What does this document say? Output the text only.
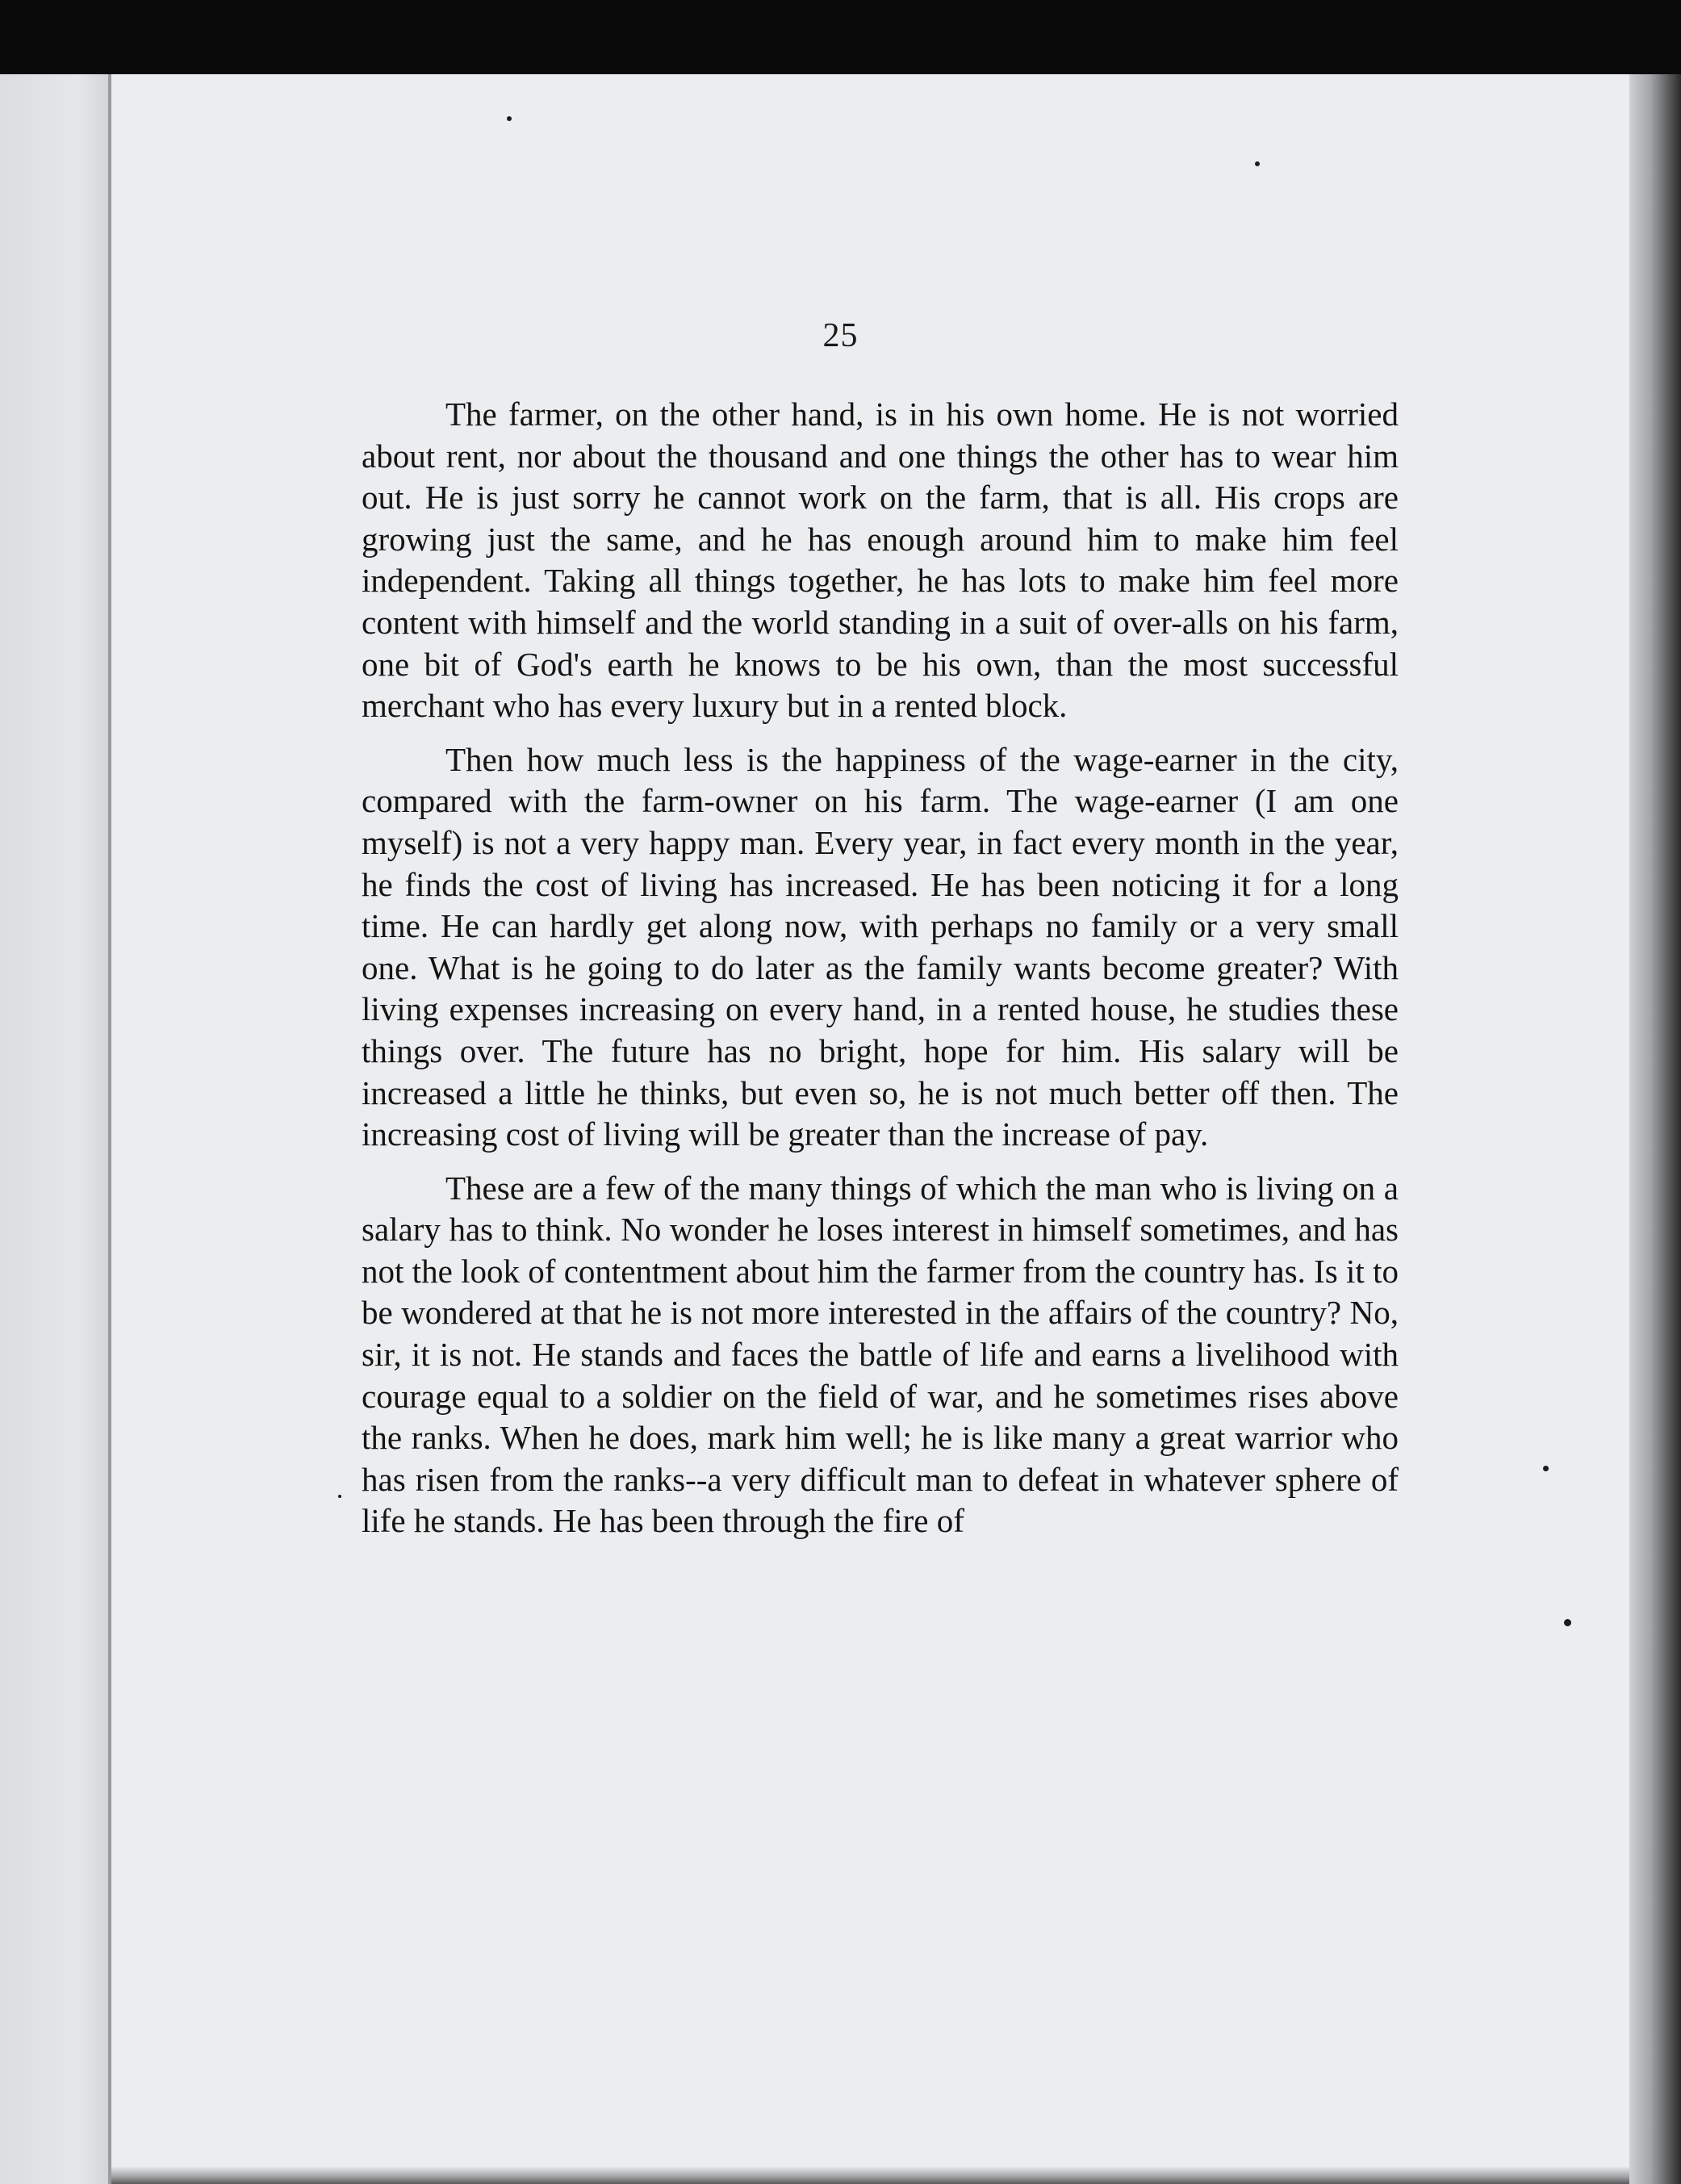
25

The farmer, on the other hand, is in his own home. He is not worried about rent, nor about the thousand and one things the other has to wear him out. He is just sorry he cannot work on the farm, that is all. His crops are growing just the same, and he has enough around him to make him feel independent. Taking all things together, he has lots to make him feel more content with himself and the world standing in a suit of over-alls on his farm, one bit of God's earth he knows to be his own, than the most successful merchant who has every luxury but in a rented block.

Then how much less is the happiness of the wage-earner in the city, compared with the farm-owner on his farm. The wage-earner (I am one myself) is not a very happy man. Every year, in fact every month in the year, he finds the cost of living has increased. He has been noticing it for a long time. He can hardly get along now, with perhaps no family or a very small one. What is he going to do later as the family wants become greater? With living expenses increasing on every hand, in a rented house, he studies these things over. The future has no bright, hope for him. His salary will be increased a little he thinks, but even so, he is not much better off then. The increasing cost of living will be greater than the increase of pay.

These are a few of the many things of which the man who is living on a salary has to think. No wonder he loses interest in himself sometimes, and has not the look of contentment about him the farmer from the country has. Is it to be wondered at that he is not more interested in the affairs of the country? No, sir, it is not. He stands and faces the battle of life and earns a livelihood with courage equal to a soldier on the field of war, and he sometimes rises above the ranks. When he does, mark him well; he is like many a great warrior who has risen from the ranks--a very difficult man to defeat in whatever sphere of life he stands. He has been through the fire of
